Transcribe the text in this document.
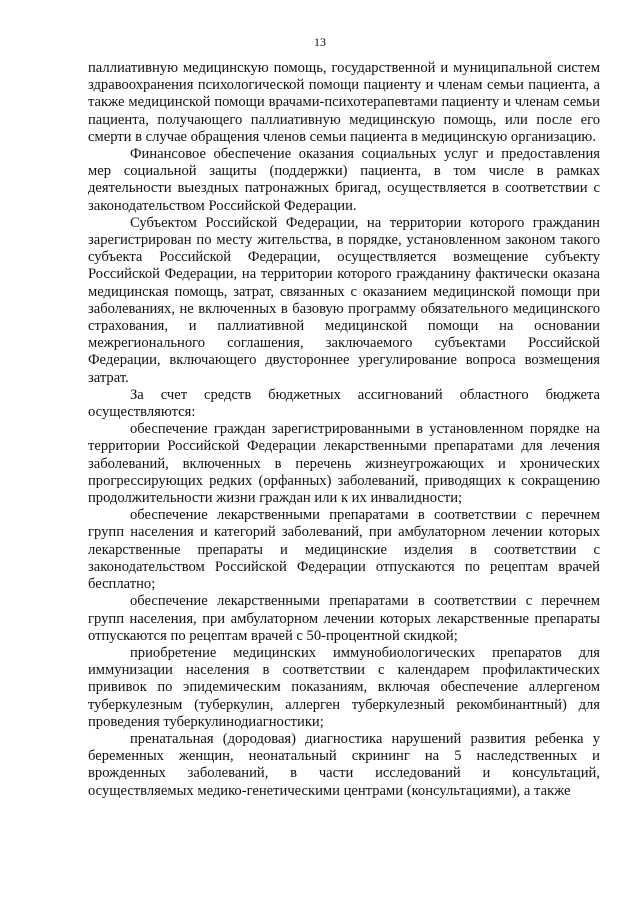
13

паллиативную медицинскую помощь, государственной и муниципальной систем здравоохранения психологической помощи пациенту и членам семьи пациента, а также медицинской помощи врачами-психотерапевтами пациенту и членам семьи пациента, получающего паллиативную медицинскую помощь, или после его смерти в случае обращения членов семьи пациента в медицинскую организацию.

Финансовое обеспечение оказания социальных услуг и предоставления мер социальной защиты (поддержки) пациента, в том числе в рамках деятельности выездных патронажных бригад, осуществляется в соответствии с законодательством Российской Федерации.

Субъектом Российской Федерации, на территории которого гражданин зарегистрирован по месту жительства, в порядке, установленном законом такого субъекта Российской Федерации, осуществляется возмещение субъекту Российской Федерации, на территории которого гражданину фактически оказана медицинская помощь, затрат, связанных с оказанием медицинской помощи при заболеваниях, не включенных в базовую программу обязательного медицинского страхования, и паллиативной медицинской помощи на основании межрегионального соглашения, заключаемого субъектами Российской Федерации, включающего двустороннее урегулирование вопроса возмещения затрат.

За счет средств бюджетных ассигнований областного бюджета осуществляются:

обеспечение граждан зарегистрированными в установленном порядке на территории Российской Федерации лекарственными препаратами для лечения заболеваний, включенных в перечень жизнеугрожающих и хронических прогрессирующих редких (орфанных) заболеваний, приводящих к сокращению продолжительности жизни граждан или к их инвалидности;

обеспечение лекарственными препаратами в соответствии с перечнем групп населения и категорий заболеваний, при амбулаторном лечении которых лекарственные препараты и медицинские изделия в соответствии с законодательством Российской Федерации отпускаются по рецептам врачей бесплатно;

обеспечение лекарственными препаратами в соответствии с перечнем групп населения, при амбулаторном лечении которых лекарственные препараты отпускаются по рецептам врачей с 50-процентной скидкой;

приобретение медицинских иммунобиологических препаратов для иммунизации населения в соответствии с календарем профилактических прививок по эпидемическим показаниям, включая обеспечение аллергеном туберкулезным (туберкулин, аллерген туберкулезный рекомбинантный) для проведения туберкулинодиагностики;

пренатальная (дородовая) диагностика нарушений развития ребенка у беременных женщин, неонатальный скрининг на 5 наследственных и врожденных заболеваний, в части исследований и консультаций, осуществляемых медико-генетическими центрами (консультациями), а также
